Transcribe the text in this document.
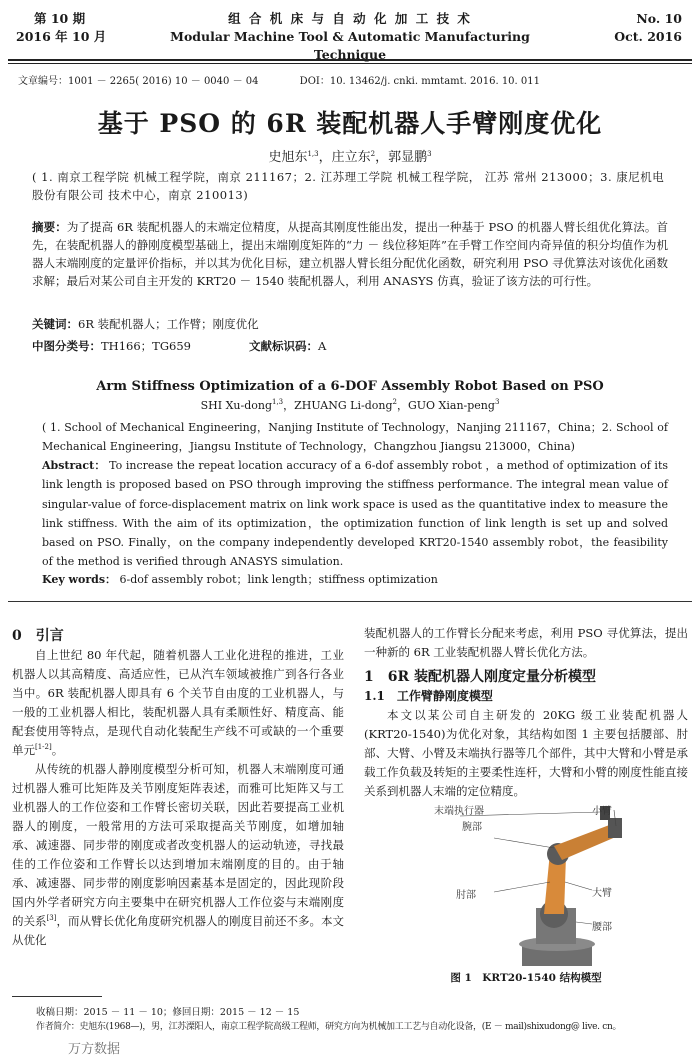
第 10 期
2016 年 10 月
组 合 机 床 与 自 动 化 加 工 技 术
Modular Machine Tool & Automatic Manufacturing Technique
No. 10
Oct. 2016
文章编号：1001 － 2265( 2016) 10 － 0040 － 04	DOI：10. 13462/j. cnki. mmtamt. 2016. 10. 011
基于 PSO 的 6R 装配机器人手臂刚度优化
史旭东$^{1,3}$，庄立东$^2$，郭显鹏$^3$
( 1. 南京工程学院 机械工程学院，南京 211167；2. 江苏理工学院 机械工程学院， 江苏 常州 213000；3. 康尼机电股份有限公司 技术中心，南京 210013)
摘要：为了提高 6R 装配机器人的末端定位精度，从提高其刚度性能出发，提出一种基于 PSO 的机器人臂长组优化算法。首先，在装配机器人的静刚度模型基础上，提出末端刚度矩阵的“力 － 线位移矩阵”在手臂工作空间内奇异值的积分均值作为机器人末端刚度的定量评价指标，并以其为优化目标，建立机器人臂长组分配优化函数，研究利用 PSO 寻优算法对该优化函数求解；最后对某公司自主开发的 KRT20 － 1540 装配机器人，利用 ANASYS 仿真，验证了该方法的可行性。
关键词：6R 装配机器人；工作臂；刚度优化
中图分类号：TH166；TG659	文献标识码：A
Arm Stiffness Optimization of a 6-DOF Assembly Robot Based on PSO
SHI Xu-dong$^{1,3}$，ZHUANG Li-dong$^2$，GUO Xian-peng$^3$
( 1. School of Mechanical Engineering，Nanjing Institute of Technology，Nanjing 211167，China；2. School of Mechanical Engineering，Jiangsu Institute of Technology，Changzhou Jiangsu 213000，China)
Abstract： To increase the repeat location accuracy of a 6-dof assembly robot ，a method of optimization of its link length is proposed based on PSO through improving the stiffness performance. The integral mean value of singular-value of force-displacement matrix on link work space is used as the quantitative index to measure the link stiffness. With the aim of its optimization，the optimization function of link length is set up and solved based on PSO. Finally，on the company independently developed KRT20-1540 assembly robot，the feasibility of the method is verified through ANASYS simulation.
Key words： 6-dof assembly robot；link length；stiffness optimization

0　引言

自上世纪 80 年代起，随着机器人工业化进程的推进，工业机器人以其高精度、高适应性，已从汽车领域被推广到各行各业当中。6R 装配机器人即具有 6 个关节自由度的工业机器人，与一般的工业机器人相比，装配机器人具有柔顺性好、精度高、能配套使用等特点，是现代自动化装配生产线不可或缺的一个重要单元[1-2]。

从传统的机器人静刚度模型分析可知，机器人末端刚度可通过机器人雅可比矩阵及关节刚度矩阵表述，而雅可比矩阵又与工业机器人的工作位姿和工作臂长密切关联，因此若要提高工业机器人的刚度，一般常用的方法可采取提高关节刚度，如增加轴承、减速器、同步带的刚度或者改变机器人的运动轨迹，寻找最佳的工作位姿和工作臂长以达到增加末端刚度的目的。由于轴承、减速器、同步带的刚度影响因素基本是固定的，因此现阶段国内外学者研究方向主要集中在研究机器人工作位姿与末端刚度的关系[3]，而从臂长优化角度研究机器人的刚度目前还不多。本文从优化

装配机器人的工作臂长分配来考虑，利用 PSO 寻优算法，提出一种新的 6R 工业装配机器人臂长优化方法。

1　6R 装配机器人刚度定量分析模型

1.1　工作臂静刚度模型

本文以某公司自主研发的 20KG 级工业装配机器人(KRT20-1540)为优化对象，其结构如图 1 主要包括腰部、肘部、大臂、小臂及末端执行器等几个部件，其中大臂和小臂是承载工作负载及转矩的主要柔性连杆，大臂和小臂的刚度性能直接关系到机器人末端的定位精度。

末端执行器
腕部
小臂
肘部	大臂
腰部
图 1　KRT20-1540 结构模型
收稿日期：2015 － 11 － 10；修回日期：2015 － 12 － 15
作者简介：史旭东(1968—)，男，江苏溧阳人，南京工程学院高级工程师，研究方向为机械加工工艺与自动化设备，(E － mail)shixudong@ live. cn。
万方数据
